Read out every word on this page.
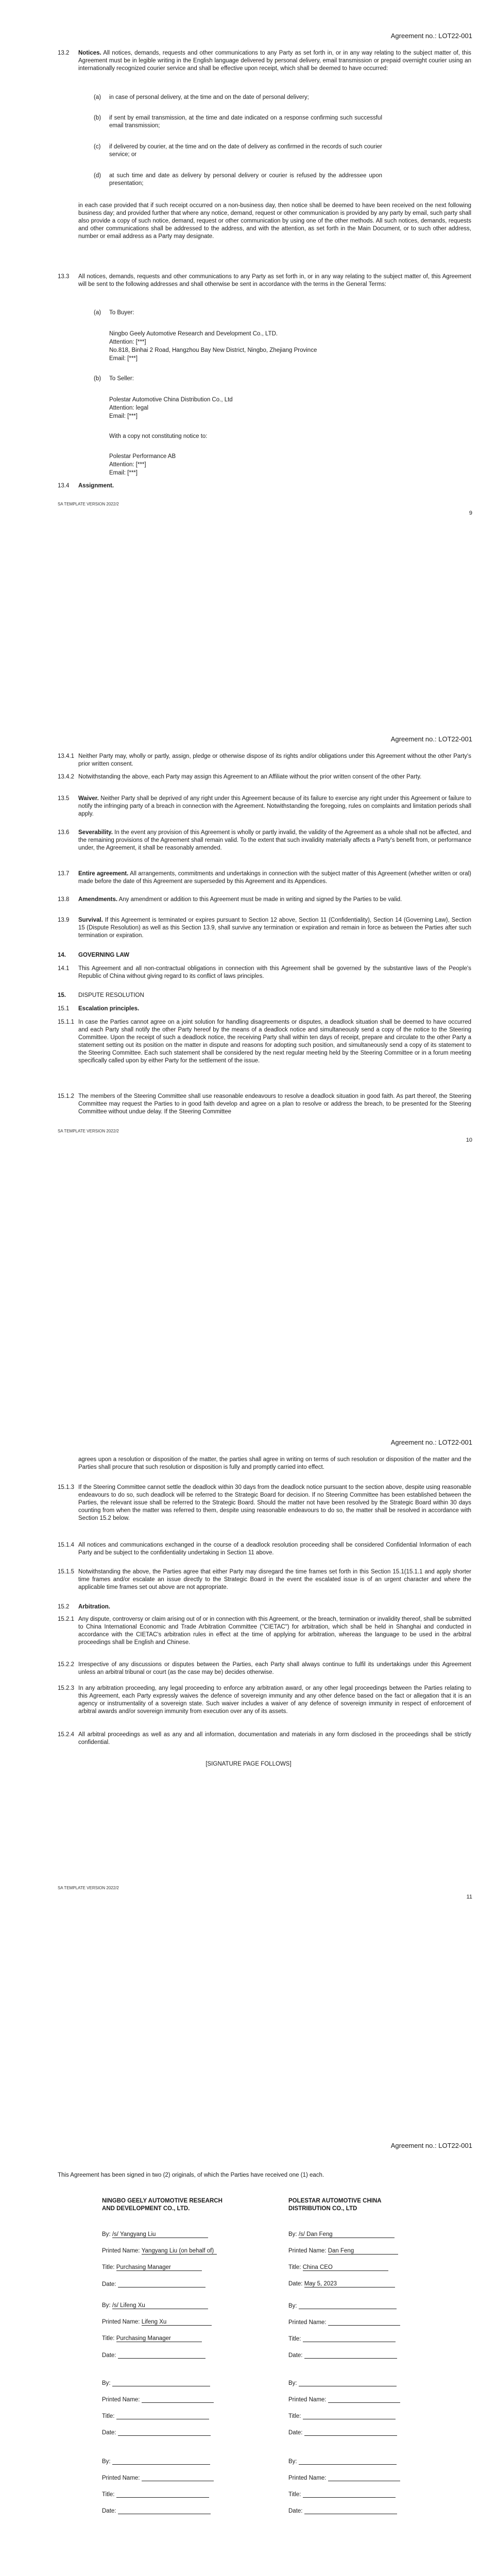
Agreement no.: LOT22-001
13.2	Notices. All notices, demands, requests and other communications to any Party as set forth in, or in any way relating to the subject matter of, this Agreement must be in legible writing in the English language delivered by personal delivery, email transmission or prepaid overnight courier using an internationally recognized courier service and shall be effective upon receipt, which shall be deemed to have occurred:
(a) in case of personal delivery, at the time and on the date of personal delivery;
(b) if sent by email transmission, at the time and date indicated on a response confirming such successful email transmission;
(c) if delivered by courier, at the time and on the date of delivery as confirmed in the records of such courier service; or
(d) at such time and date as delivery by personal delivery or courier is refused by the addressee upon presentation;
in each case provided that if such receipt occurred on a non-business day, then notice shall be deemed to have been received on the next following business day; and provided further that where any notice, demand, request or other communication is provided by any party by email, such party shall also provide a copy of such notice, demand, request or other communication by using one of the other methods. All such notices, demands, requests and other communications shall be addressed to the address, and with the attention, as set forth in the Main Document, or to such other address, number or email address as a Party may designate.
13.3	All notices, demands, requests and other communications to any Party as set forth in, or in any way relating to the subject matter of, this Agreement will be sent to the following addresses and shall otherwise be sent in accordance with the terms in the General Terms:
(a) To Buyer:
Ningbo Geely Automotive Research and Development Co., LTD.
Attention: [***]
No.818, Binhai 2 Road, Hangzhou Bay New District, Ningbo, Zhejiang Province
Email: [***]
(b) To Seller:
Polestar Automotive China Distribution Co., Ltd
Attention: legal
Email: [***]
With a copy not constituting notice to:
Polestar Performance AB
Attention: [***]
Email: [***]
13.4 Assignment.
SA TEMPLATE VERSION 2022/2
9
Agreement no.: LOT22-001
13.4.1 Neither Party may, wholly or partly, assign, pledge or otherwise dispose of its rights and/or obligations under this Agreement without the other Party's prior written consent.
13.4.2 Notwithstanding the above, each Party may assign this Agreement to an Affiliate without the prior written consent of the other Party.
13.5	Waiver. Neither Party shall be deprived of any right under this Agreement because of its failure to exercise any right under this Agreement or failure to notify the infringing party of a breach in connection with the Agreement. Notwithstanding the foregoing, rules on complaints and limitation periods shall apply.
13.6	Severability. In the event any provision of this Agreement is wholly or partly invalid, the validity of the Agreement as a whole shall not be affected, and the remaining provisions of the Agreement shall remain valid. To the extent that such invalidity materially affects a Party's benefit from, or performance under, the Agreement, it shall be reasonably amended.
13.7	Entire agreement. All arrangements, commitments and undertakings in connection with the subject matter of this Agreement (whether written or oral) made before the date of this Agreement are superseded by this Agreement and its Appendices.
13.8	Amendments. Any amendment or addition to this Agreement must be made in writing and signed by the Parties to be valid.
13.9	Survival. If this Agreement is terminated or expires pursuant to Section 12 above, Section 11 (Confidentiality), Section 14 (Governing Law), Section 15 (Dispute Resolution) as well as this Section 13.9, shall survive any termination or expiration and remain in force as between the Parties after such termination or expiration.
14. GOVERNING LAW
14.1	This Agreement and all non-contractual obligations in connection with this Agreement shall be governed by the substantive laws of the People's Republic of China without giving regard to its conflict of laws principles.
15. DISPUTE RESOLUTION
15.1 Escalation principles.
15.1.1 In case the Parties cannot agree on a joint solution for handling disagreements or disputes, a deadlock situation shall be deemed to have occurred and each Party shall notify the other Party hereof by the means of a deadlock notice and simultaneously send a copy of the notice to the Steering Committee. Upon the receipt of such a deadlock notice, the receiving Party shall within ten days of receipt, prepare and circulate to the other Party a statement setting out its position on the matter in dispute and reasons for adopting such position, and simultaneously send a copy of its statement to the Steering Committee. Each such statement shall be considered by the next regular meeting held by the Steering Committee or in a forum meeting specifically called upon by either Party for the settlement of the issue.
15.1.2 The members of the Steering Committee shall use reasonable endeavours to resolve a deadlock situation in good faith. As part thereof, the Steering Committee may request the Parties to in good faith develop and agree on a plan to resolve or address the breach, to be presented for the Steering Committee without undue delay. If the Steering Committee
SA TEMPLATE VERSION 2022/2
10
Agreement no.: LOT22-001
agrees upon a resolution or disposition of the matter, the parties shall agree in writing on terms of such resolution or disposition of the matter and the Parties shall procure that such resolution or disposition is fully and promptly carried into effect.
15.1.3 If the Steering Committee cannot settle the deadlock within 30 days from the deadlock notice pursuant to the section above, despite using reasonable endeavours to do so, such deadlock will be referred to the Strategic Board for decision. If no Steering Committee has been established between the Parties, the relevant issue shall be referred to the Strategic Board. Should the matter not have been resolved by the Strategic Board within 30 days counting from when the matter was referred to them, despite using reasonable endeavours to do so, the matter shall be resolved in accordance with Section 15.2 below.
15.1.4 All notices and communications exchanged in the course of a deadlock resolution proceeding shall be considered Confidential Information of each Party and be subject to the confidentiality undertaking in Section 11 above.
15.1.5 Notwithstanding the above, the Parties agree that either Party may disregard the time frames set forth in this Section 15.1(15.1.1 and apply shorter time frames and/or escalate an issue directly to the Strategic Board in the event the escalated issue is of an urgent character and where the applicable time frames set out above are not appropriate.
15.2 Arbitration.
15.2.1 Any dispute, controversy or claim arising out of or in connection with this Agreement, or the breach, termination or invalidity thereof, shall be submitted to China International Economic and Trade Arbitration Committee ("CIETAC") for arbitration, which shall be held in Shanghai and conducted in accordance with the CIETAC's arbitration rules in effect at the time of applying for arbitration, whereas the language to be used in the arbitral proceedings shall be English and Chinese.
15.2.2 Irrespective of any discussions or disputes between the Parties, each Party shall always continue to fulfil its undertakings under this Agreement unless an arbitral tribunal or court (as the case may be) decides otherwise.
15.2.3 In any arbitration proceeding, any legal proceeding to enforce any arbitration award, or any other legal proceedings between the Parties relating to this Agreement, each Party expressly waives the defence of sovereign immunity and any other defence based on the fact or allegation that it is an agency or instrumentality of a sovereign state. Such waiver includes a waiver of any defence of sovereign immunity in respect of enforcement of arbitral awards and/or sovereign immunity from execution over any of its assets.
15.2.4 All arbitral proceedings as well as any and all information, documentation and materials in any form disclosed in the proceedings shall be strictly confidential.
[SIGNATURE PAGE FOLLOWS]
SA TEMPLATE VERSION 2022/2
11
Agreement no.: LOT22-001
This Agreement has been signed in two (2) originals, of which the Parties have received one (1) each.
NINGBO GEELY AUTOMOTIVE RESEARCH AND DEVELOPMENT CO., LTD.
POLESTAR AUTOMOTIVE CHINA DISTRIBUTION CO., LTD
By: /s/ Yangyang Liu
Printed Name: Yangyang Liu (on behalf of)
Title: Purchasing Manager
Date:
By: /s/ Dan Feng
Printed Name: Dan Feng
Title: China CEO
Date: May 5, 2023
By: /s/ Lifeng Xu
Printed Name: Lifeng Xu
Title: Purchasing Manager
Date:
By:
Printed Name:
Title:
Date:
By:
Printed Name:
Title:
Date:
By:
Printed Name:
Title:
Date:
By:
Printed Name:
Title:
Date:
By:
Printed Name:
Title:
Date:
